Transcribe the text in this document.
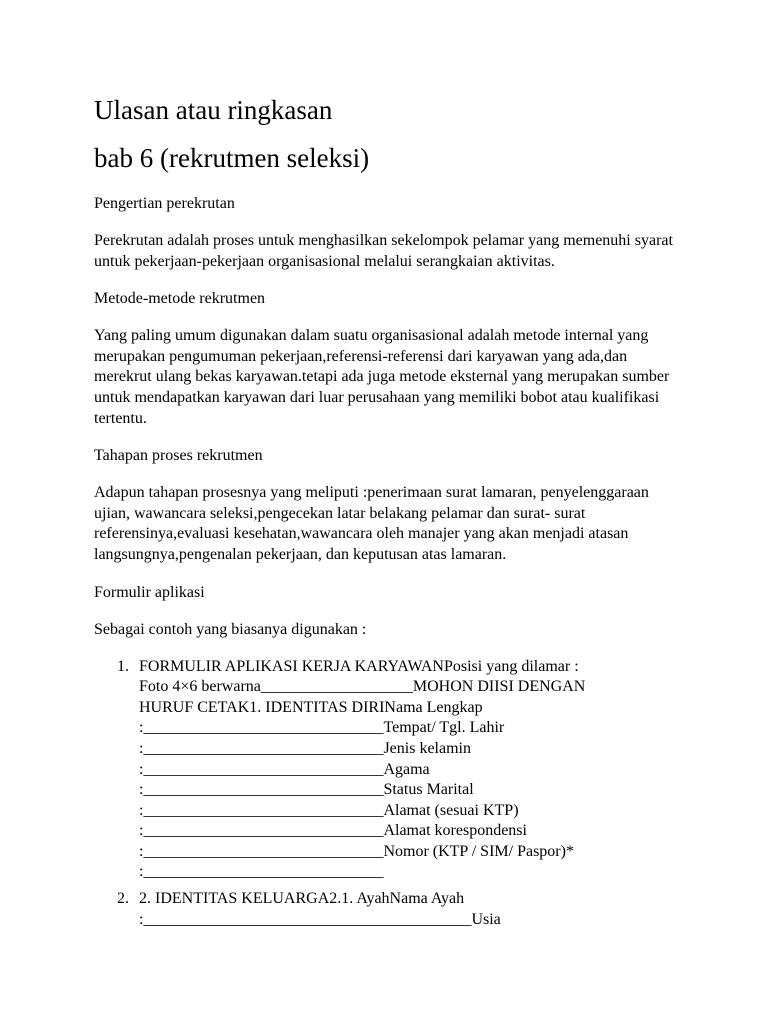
Ulasan atau ringkasan
bab 6 (rekrutmen seleksi)
Pengertian perekrutan
Perekrutan adalah proses untuk menghasilkan sekelompok pelamar yang memenuhi syarat untuk pekerjaan-pekerjaan organisasional melalui serangkaian aktivitas.
Metode-metode rekrutmen
Yang paling umum digunakan dalam suatu organisasional adalah metode internal yang merupakan pengumuman pekerjaan,referensi-referensi dari karyawan yang ada,dan merekrut ulang bekas karyawan.tetapi ada juga metode eksternal yang merupakan sumber untuk mendapatkan karyawan dari luar perusahaan yang memiliki bobot atau kualifikasi tertentu.
Tahapan proses rekrutmen
Adapun tahapan prosesnya yang meliputi :penerimaan surat lamaran, penyelenggaraan ujian, wawancara seleksi,pengecekan latar belakang pelamar dan surat- surat referensinya,evaluasi kesehatan,wawancara oleh manajer yang akan menjadi atasan langsungnya,pengenalan pekerjaan, dan keputusan atas lamaran.
Formulir aplikasi
Sebagai contoh yang biasanya digunakan :
1. FORMULIR APLIKASI KERJA KARYAWANPosisi yang dilamar :
Foto 4×6 berwarna___________________MOHON DIISI DENGAN
HURUF CETAK1. IDENTITAS DIRINama Lengkap
:______________________________Tempat/ Tgl. Lahir
:______________________________Jenis kelamin
:______________________________Agama
:______________________________Status Marital
:______________________________Alamat (sesuai KTP)
:______________________________Alamat korespondensi
:______________________________Nomor (KTP / SIM/ Paspor)*
:______________________________
2. 2. IDENTITAS KELUARGA2.1. AyahNama Ayah
:_________________________________________Usia
